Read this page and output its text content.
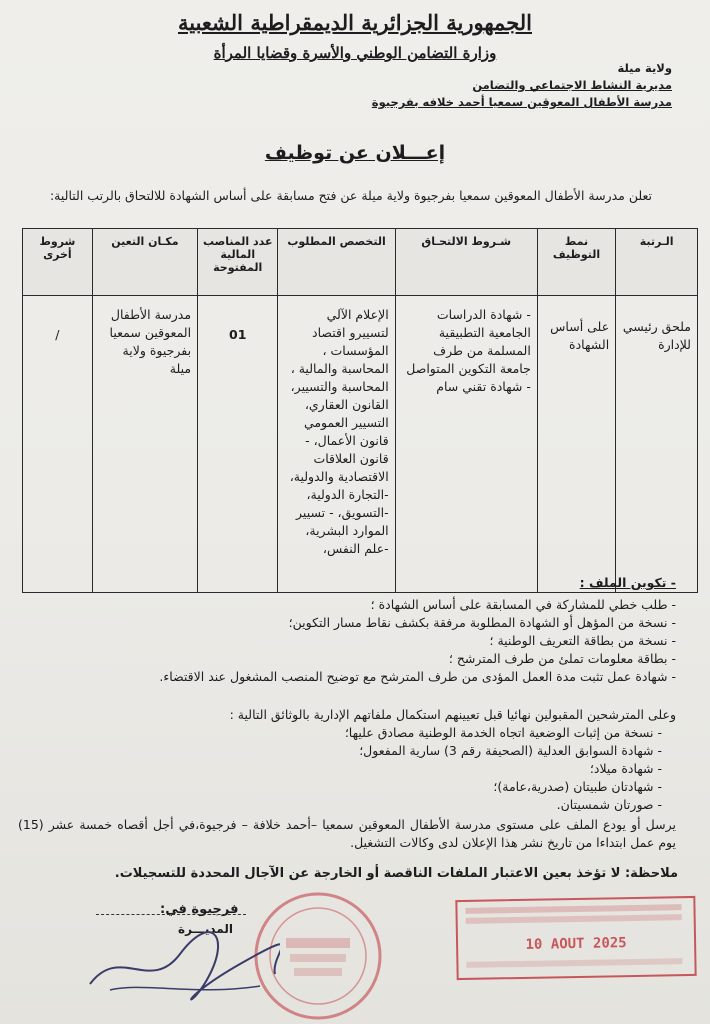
الجمهورية الجزائرية الديمقراطية الشعبية
وزارة التضامن الوطني والأسرة وقضايا المرأة
ولاية ميلة
مديرية النشاط الاجتماعي والتضامن
مدرسة الأطفال المعوقين سمعيا أحمد خلافه بفرجيوة
إعـــلان عن توظيف
تعلن مدرسة الأطفال المعوقين سمعيا بفرجيوة ولاية ميلة عن فتح مسابقة على أساس الشهادة للالتحاق بالرتب التالية:
الـرتبة	نمط التوظيف	شـروط الالتحـاق	التخصص المطلوب	عدد المناصب المالية المفتوحة	مكـان التعين	شروط أخرى
ملحق رئيسي للإدارة	على أساس الشهادة	- شهادة الدراسات الجامعية التطبيقية المسلمة من طرف جامعة التكوين المتواصل - شهادة تقني سام	الإعلام الآلي لتسييرو اقتصاد المؤسسات ، المحاسبة والمالية ، المحاسبة والتسيير، القانون العقاري، التسيير العمومي قانون الأعمال، - قانون العلاقات الاقتصادية والدولية، -التجارة الدولية، -التسويق، - تسيير الموارد البشرية، -علم النفس،	01	مدرسة الأطفال المعوقين سمعيا بفرجيوة ولاية ميلة	/
- تكوين الملف :
- طلب خطي للمشاركة في المسابقة على أساس الشهادة ؛
- نسخة من المؤهل أو الشهادة المطلوبة مرفقة بكشف نقاط مسار التكوين؛
- نسخة من بطاقة التعريف الوطنية ؛
- بطاقة معلومات تملئ من طرف المترشح ؛
- شهادة عمل تثبت مدة العمل المؤدى من طرف المترشح مع توضيح المنصب المشغول عند الاقتضاء.
وعلى المترشحين المقبولين نهائيا قبل تعيينهم استكمال ملفاتهم الإدارية بالوثائق التالية :
- نسخة من إثبات الوضعية اتجاه الخدمة الوطنية مصادق عليها؛
- شهادة السوابق العدلية (الصحيفة رقم 3) سارية المفعول؛
- شهادة ميلاد؛
- شهادتان طبيتان (صدرية،عامة)؛
- صورتان شمسيتان.
يرسل أو يودع الملف على مستوى مدرسة الأطفال المعوقين سمعيا –أحمد خلافة – فرجيوة،في أجل أقصاه خمسة عشر (15) يوم عمل ابتداءا من تاريخ نشر هذا الإعلان لدى وكالات التشغيل.
ملاحظة: لا تؤخذ بعين الاعتبار الملفات الناقصة أو الخارجة عن الآجال المحددة للتسجيلات.
10 AOUT 2025
فرجيوة في:
المديـــرة
